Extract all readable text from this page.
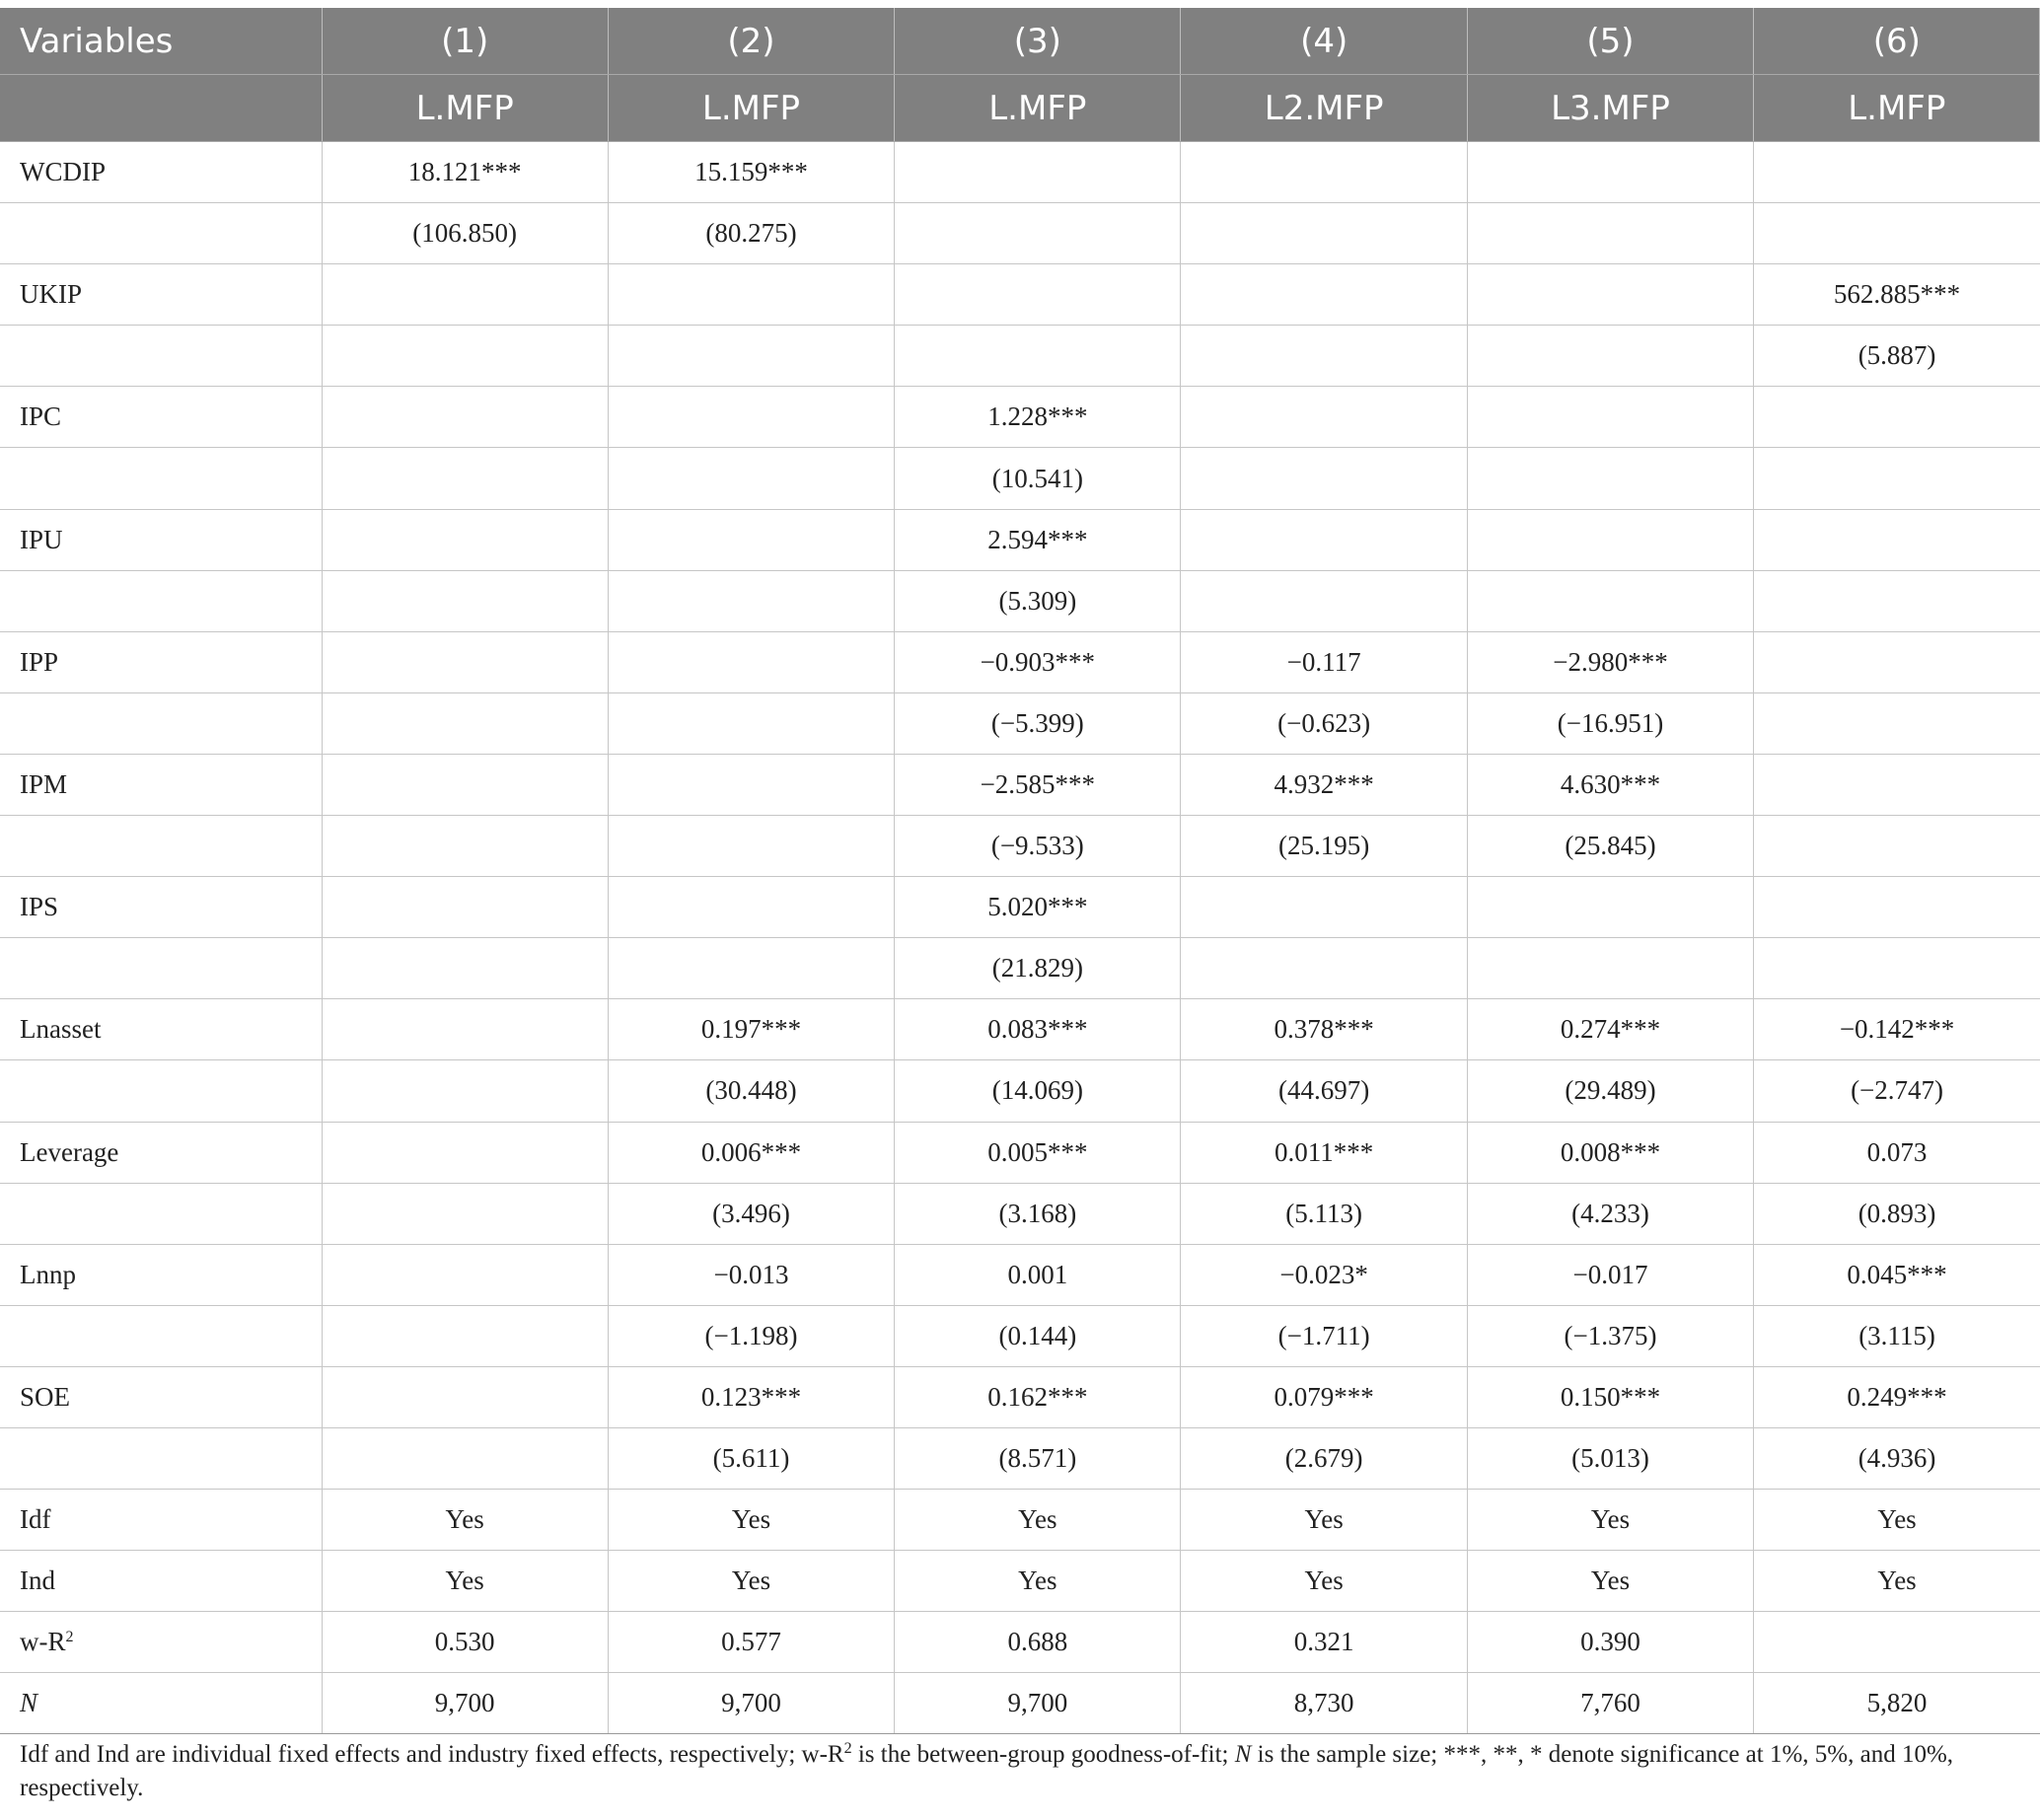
Variables	(1)	(2)	(3)	(4)	(5)	(6)
	L.MFP	L.MFP	L.MFP	L2.MFP	L3.MFP	L.MFP
WCDIP	18.121***	15.159***				
	(106.850)	(80.275)				
UKIP						562.885***
						(5.887)
IPC			1.228***			
			(10.541)			
IPU			2.594***			
			(5.309)			
IPP			−0.903***	−0.117	−2.980***	
			(−5.399)	(−0.623)	(−16.951)	
IPM			−2.585***	4.932***	4.630***	
			(−9.533)	(25.195)	(25.845)	
IPS			5.020***			
			(21.829)			
Lnasset		0.197***	0.083***	0.378***	0.274***	−0.142***
		(30.448)	(14.069)	(44.697)	(29.489)	(−2.747)
Leverage		0.006***	0.005***	0.011***	0.008***	0.073
		(3.496)	(3.168)	(5.113)	(4.233)	(0.893)
Lnnp		−0.013	0.001	−0.023*	−0.017	0.045***
		(−1.198)	(0.144)	(−1.711)	(−1.375)	(3.115)
SOE		0.123***	0.162***	0.079***	0.150***	0.249***
		(5.611)	(8.571)	(2.679)	(5.013)	(4.936)
Idf	Yes	Yes	Yes	Yes	Yes	Yes
Ind	Yes	Yes	Yes	Yes	Yes	Yes
$w-R^2$	0.530	0.577	0.688	0.321	0.390	
N	9,700	9,700	9,700	8,730	7,760	5,820

Idf and Ind are individual fixed effects and industry fixed effects, respectively; $w-R^2$ is the between-group goodness-of-fit; N is the sample size; ***, **, * denote significance at 1%, 5%, and 10%, respectively.
